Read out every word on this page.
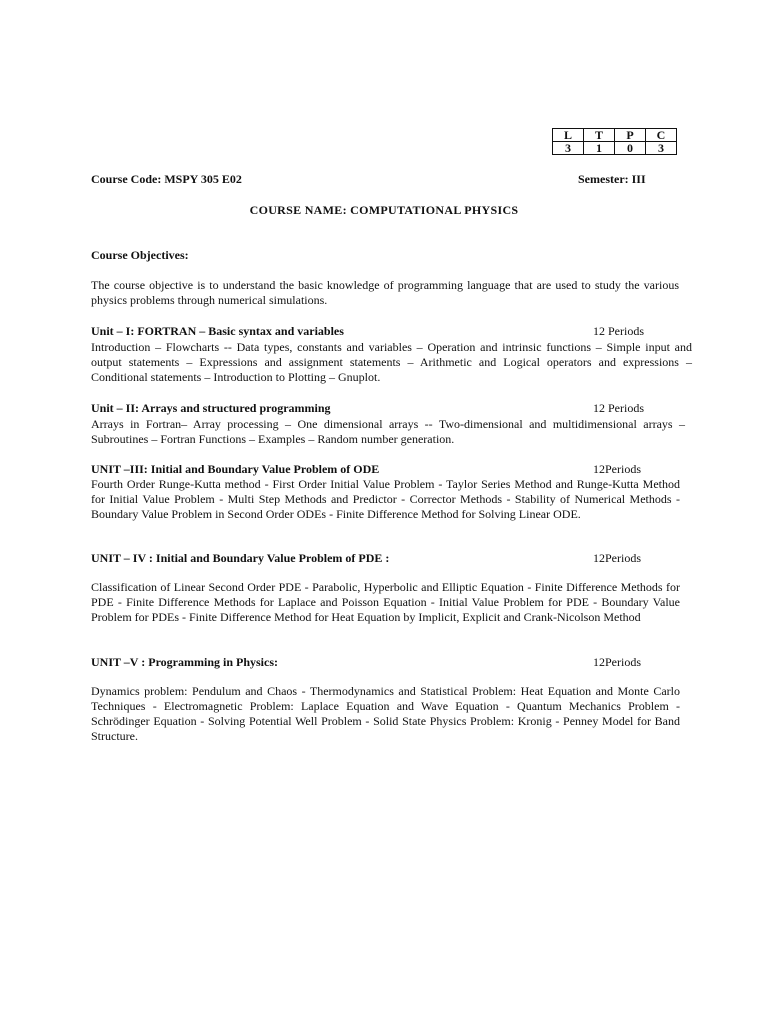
L	T	P	C
3	1	0	3
Course Code: MSPY 305 E02	Semester: III
COURSE NAME: COMPUTATIONAL PHYSICS
Course Objectives:
The course objective is to understand the basic knowledge of programming language that are used to study the various physics problems through numerical simulations.
Unit – I: FORTRAN – Basic syntax and variables	12 Periods
Introduction – Flowcharts -- Data types, constants and variables – Operation and intrinsic functions – Simple input and output statements – Expressions and assignment statements – Arithmetic and Logical operators and expressions – Conditional statements – Introduction to Plotting – Gnuplot.
Unit – II: Arrays and structured programming	12 Periods
Arrays in Fortran– Array processing – One dimensional arrays -- Two-dimensional and multidimensional arrays – Subroutines – Fortran Functions – Examples – Random number generation.
UNIT –III: Initial and Boundary Value Problem of ODE	12Periods
Fourth Order Runge-Kutta method - First Order Initial Value Problem - Taylor Series Method and Runge-Kutta Method for Initial Value Problem - Multi Step Methods and Predictor - Corrector Methods - Stability of Numerical Methods - Boundary Value Problem in Second Order ODEs - Finite Difference Method for Solving Linear ODE.
UNIT – IV : Initial and Boundary Value Problem of PDE :	12Periods
Classification of Linear Second Order PDE - Parabolic, Hyperbolic and Elliptic Equation - Finite Difference Methods for PDE - Finite Difference Methods for Laplace and Poisson Equation - Initial Value Problem for PDE - Boundary Value Problem for PDEs - Finite Difference Method for Heat Equation by Implicit, Explicit and Crank-Nicolson Method
UNIT –V : Programming in Physics:	12Periods
Dynamics problem: Pendulum and Chaos - Thermodynamics and Statistical Problem: Heat Equation and Monte Carlo Techniques - Electromagnetic Problem: Laplace Equation and Wave Equation - Quantum Mechanics Problem - Schrödinger Equation - Solving Potential Well Problem - Solid State Physics Problem: Kronig - Penney Model for Band Structure.
